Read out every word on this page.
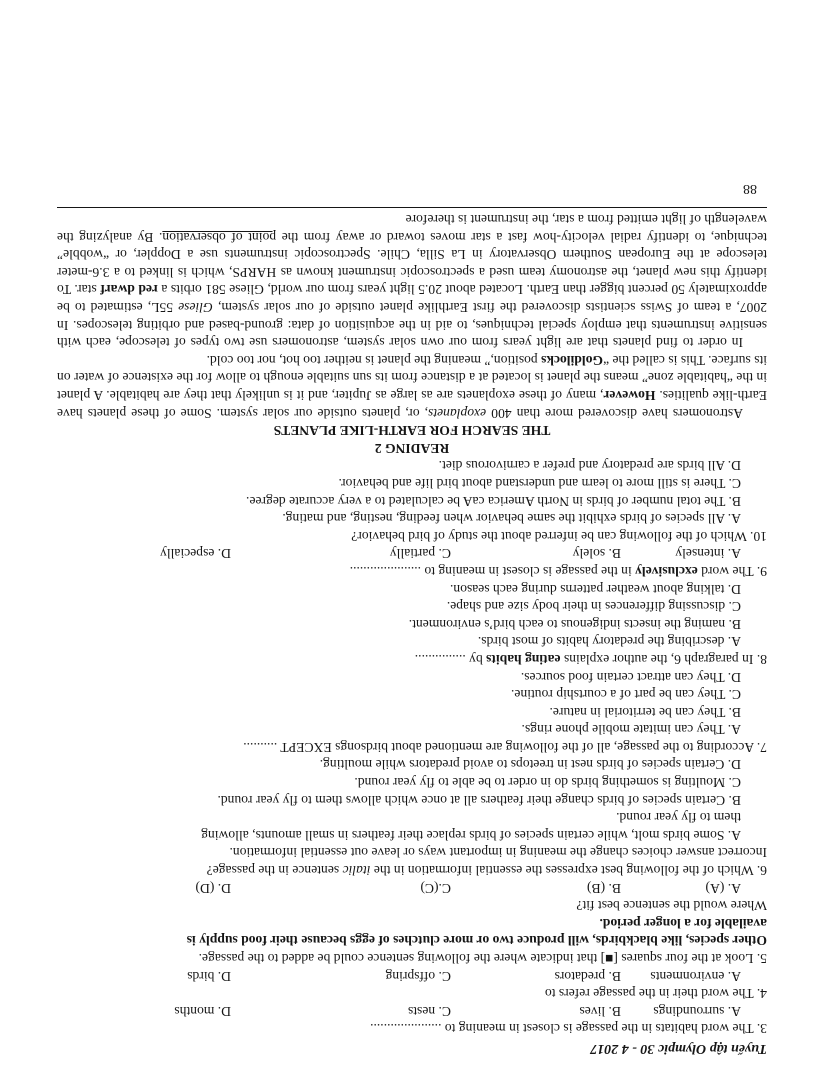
Tuyển tập Olympic 30 - 4 2017
3. The word habitats in the passage is closest in meaning to .....................
A. surroundings
B. lives
C. nests
D. months
4. The word their in the passage refers to
A. environments
B. predators
C. offspring
D. birds
5. Look at the four squares [■] that indicate where the following sentence could be added to the passage.
Other species, like blackbirds, will produce two or more clutches of eggs because their food supply is
available for a longer period.
Where would the sentence best fit?
A. (A)
B. (B)
C.(C)
D. (D)
6. Which of the following best expresses the essential information in the italic sentence in the passage?
Incorrect answer choices change the meaning in important ways or leave out essential information.
A. Some birds molt, while certain species of birds replace their feathers in small amounts, allowing
them to fly year round.
B. Certain species of birds change their feathers all at once which allows them to fly year round.
C. Moulting is something birds do in order to be able to fly year round.
D. Certain species of birds nest in treetops to avoid predators while moulting.
7. According to the passage, all of the following are mentioned about birdsongs EXCEPT ..........
A. They can imitate mobile phone rings.
B. They can be territorial in nature.
C. They can be part of a courtship routine.
D. They can attract certain food sources.
8. In paragraph 6, the author explains eating habits by ...............
A. describing the predatory habits of most birds.
B. naming the insects indigenous to each bird’s environment.
C. discussing differences in their body size and shape.
D. talking about weather patterns during each season.
9. The word exclusively in the passage is closest in meaning to .....................
A. intensely
B. solely
C. partially
D. especially
10. Which of the following can be inferred about the study of bird behavior?
A. All species of birds exhibit the same behavior when feeding, nesting, and mating.
B. The total number of birds in North America caA be calculated to a very accurate degree.
C. There is still more to learn and understand about bird life and behavior.
D. All birds are predatory and prefer a carnivorous diet.
READING 2
THE SEARCH FOR EARTH-LIKE PLANETS

Astronomers have discovered more than 400 exoplanets, or, planets outside our solar system. Some of these planets have Earth-like qualities. However, many of these exoplanets are as large as Jupiter, and it is unlikely that they are habitable. A planet in the “habitable zone” means the planet is located at a distance from its sun suitable enough to allow for the existence of water on its surface. This is called the “Goldilocks position,” meaning the planet is neither too hot, nor too cold.

In order to find planets that are light years from our own solar system, astronomers use two types of telescope, each with sensitive instruments that employ special techniques, to aid in the acquisition of data: ground-based and orbiting telescopes. In 2007, a team of Swiss scientists discovered the first Earthlike planet outside of our solar system, Gliese 55L, estimated to be approximately 50 percent bigger than Earth. Located about 20.5 light years from our world, Gliese 581 orbits a red dwarf star. To identify this new planet, the astronomy team used a spectroscopic instrument known as HARPS, which is linked to a 3.6-meter telescope at the European Southern Observatory in La Silla, Chile. Spectroscopic instruments use a Doppler, or “wobble” technique, to identify radial velocity-how fast a star moves toward or away from the point of observation. By analyzing the wavelength of light emitted from a star, the instrument is therefore

88
